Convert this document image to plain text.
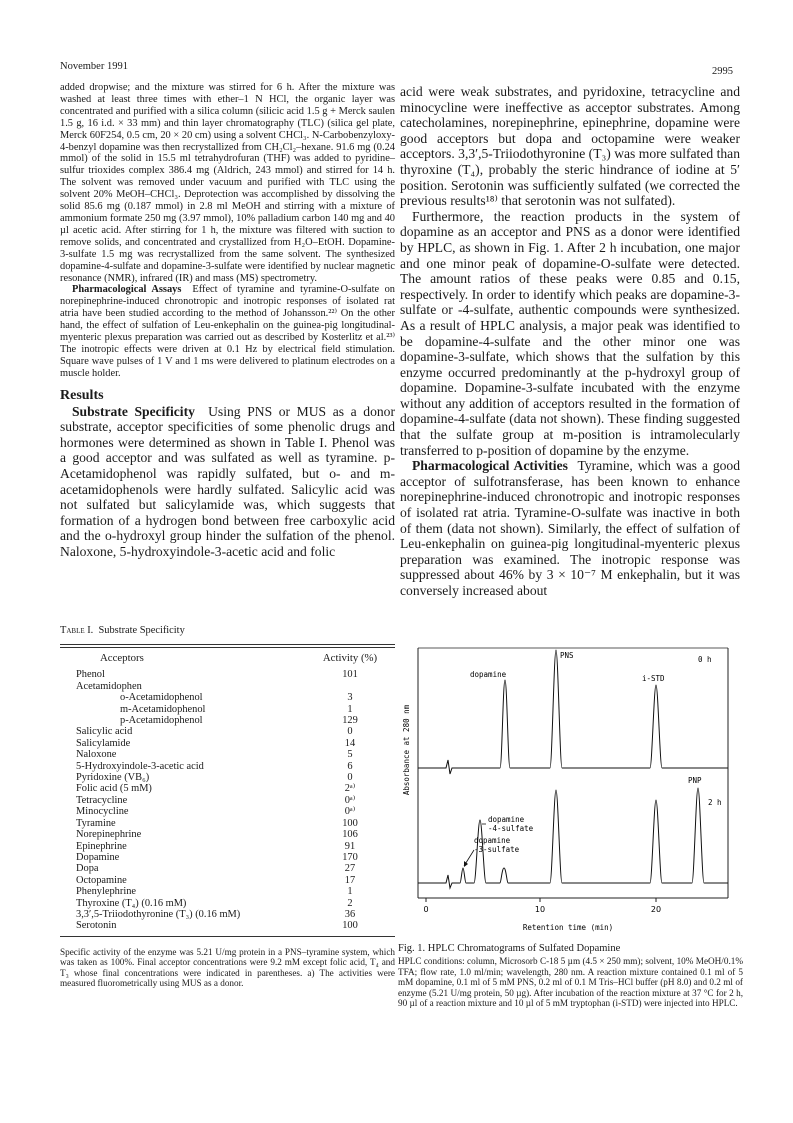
November 1991	2995

added dropwise; and the mixture was stirred for 6 h. After the mixture was washed at least three times with ether–1 N HCl, the organic layer was concentrated and purified with a silica column (silicic acid 1.5 g + Merck saulen 1.5 g, 16 i.d. × 33 mm) and thin layer chromatography (TLC) (silica gel plate, Merck 60F254, 0.5 cm, 20 × 20 cm) using a solvent CHCl₃. N-Carbobenzyloxy-4-benzyl dopamine was then recrystallized from CH₂Cl₂–hexane. 91.6 mg (0.24 mmol) of the solid in 15.5 ml tetrahydrofuran (THF) was added to pyridine–sulfur trioxides complex 386.4 mg (Aldrich, 243 mmol) and stirred for 14 h. The solvent was removed under vacuum and purified with TLC using the solvent 20% MeOH–CHCl₃. Deprotection was accomplished by dissolving the solid 85.6 mg (0.187 mmol) in 2.8 ml MeOH and stirring with a mixture of ammonium formate 250 mg (3.97 mmol), 10% palladium carbon 140 mg and 40 µl acetic acid. After stirring for 1 h, the mixture was filtered with suction to remove solids, and concentrated and crystallized from H₂O–EtOH. Dopamine-3-sulfate 1.5 mg was recrystallized from the same solvent. The synthesized dopamine-4-sulfate and dopamine-3-sulfate were identified by nuclear magnetic resonance (NMR), infrared (IR) and mass (MS) spectrometry.

Pharmacological Assays Effect of tyramine and tyramine-O-sulfate on norepinephrine-induced chronotropic and inotropic responses of isolated rat atria have been studied according to the method of Johansson.²²⁾ On the other hand, the effect of sulfation of Leu-enkephalin on the guinea-pig longitudinal-myenteric plexus preparation was carried out as described by Kosterlitz et al.²³⁾ The inotropic effects were driven at 0.1 Hz by electrical field stimulation. Square wave pulses of 1 V and 1 ms were delivered to platinum electrodes on a muscle holder.

Results

Substrate Specificity Using PNS or MUS as a donor substrate, acceptor specificities of some phenolic drugs and hormones were determined as shown in Table I. Phenol was a good acceptor and was sulfated as well as tyramine. p-Acetamidophenol was rapidly sulfated, but o- and m-acetamidophenols were hardly sulfated. Salicylic acid was not sulfated but salicylamide was, which suggests that formation of a hydrogen bond between free carboxylic acid and the o-hydroxyl group hinder the sulfation of the phenol. Naloxone, 5-hydroxyindole-3-acetic acid and folic

acid were weak substrates, and pyridoxine, tetracycline and minocycline were ineffective as acceptor substrates. Among catecholamines, norepinephrine, epinephrine, dopamine were good acceptors but dopa and octopamine were weaker acceptors. 3,3′,5-Triiodothyronine (T₃) was more sulfated than thyroxine (T₄), probably the steric hindrance of iodine at 5′ position. Serotonin was sufficiently sulfated (we corrected the previous results¹⁸⁾ that serotonin was not sulfated).

Furthermore, the reaction products in the system of dopamine as an acceptor and PNS as a donor were identified by HPLC, as shown in Fig. 1. After 2 h incubation, one major and one minor peak of dopamine-O-sulfate were detected. The amount ratios of these peaks were 0.85 and 0.15, respectively. In order to identify which peaks are dopamine-3-sulfate or -4-sulfate, authentic compounds were synthesized. As a result of HPLC analysis, a major peak was identified to be dopamine-4-sulfate and the other minor one was dopamine-3-sulfate, which shows that the sulfation by this enzyme occurred predominantly at the p-hydroxyl group of dopamine. Dopamine-3-sulfate incubated with the enzyme without any addition of acceptors resulted in the formation of dopamine-4-sulfate (data not shown). These finding suggested that the sulfate group at m-position is intramolecularly transferred to p-position of dopamine by the enzyme.

Pharmacological Activities Tyramine, which was a good acceptor of sulfotransferase, has been known to enhance norepinephrine-induced chronotropic and inotropic responses of isolated rat atria. Tyramine-O-sulfate was inactive in both of them (data not shown). Similarly, the effect of sulfation of Leu-enkephalin on guinea-pig longitudinal-myenteric plexus preparation was examined. The inotropic response was suppressed about 46% by 3 × 10⁻⁷ M enkephalin, but it was conversely increased about

Table I. Substrate Specificity
Acceptors	Activity (%)
Phenol	101
Acetamidophen	
o-Acetamidophenol	3
m-Acetamidophenol	1
p-Acetamidophenol	129
Salicylic acid	0
Salicylamide	14
Naloxone	5
5-Hydroxyindole-3-acetic acid	6
Pyridoxine (VB₆)	0
Folic acid (5 mM)	2ᵃ⁾
Tetracycline	0ᵃ⁾
Minocycline	0ᵃ⁾
Tyramine	100
Norepinephrine	106
Epinephrine	91
Dopamine	170
Dopa	27
Octopamine	17
Phenylephrine	1
Thyroxine (T₄) (0.16 mM)	2
3,3′,5-Triiodothyronine (T₃) (0.16 mM)	36
Serotonin	100
Specific activity of the enzyme was 5.21 U/mg protein in a PNS–tyramine system, which was taken as 100%. Final acceptor concentrations were 9.2 mM except folic acid, T₄ and T₃ whose final concentrations were indicated in parentheses. a) The activities were measured fluorometrically using MUS as a donor.
0	10	20
Retention time (min)
Absorbance at 280 nm
PNS
dopamine	i-STD
0 h
PNP
2 h
dopamine -4-sulfate
dopamine -3-sulfate
Fig. 1. HPLC Chromatograms of Sulfated Dopamine
HPLC conditions: column, Microsorb C-18 5 µm (4.5 × 250 mm); solvent, 10% MeOH/0.1% TFA; flow rate, 1.0 ml/min; wavelength, 280 nm. A reaction mixture contained 0.1 ml of 5 mM dopamine, 0.1 ml of 5 mM PNS, 0.2 ml of 0.1 M Tris–HCl buffer (pH 8.0) and 0.2 ml of enzyme (5.21 U/mg protein, 50 µg). After incubation of the reaction mixture at 37 °C for 2 h, 90 µl of a reaction mixture and 10 µl of 5 mM tryptophan (i-STD) were injected into HPLC.
